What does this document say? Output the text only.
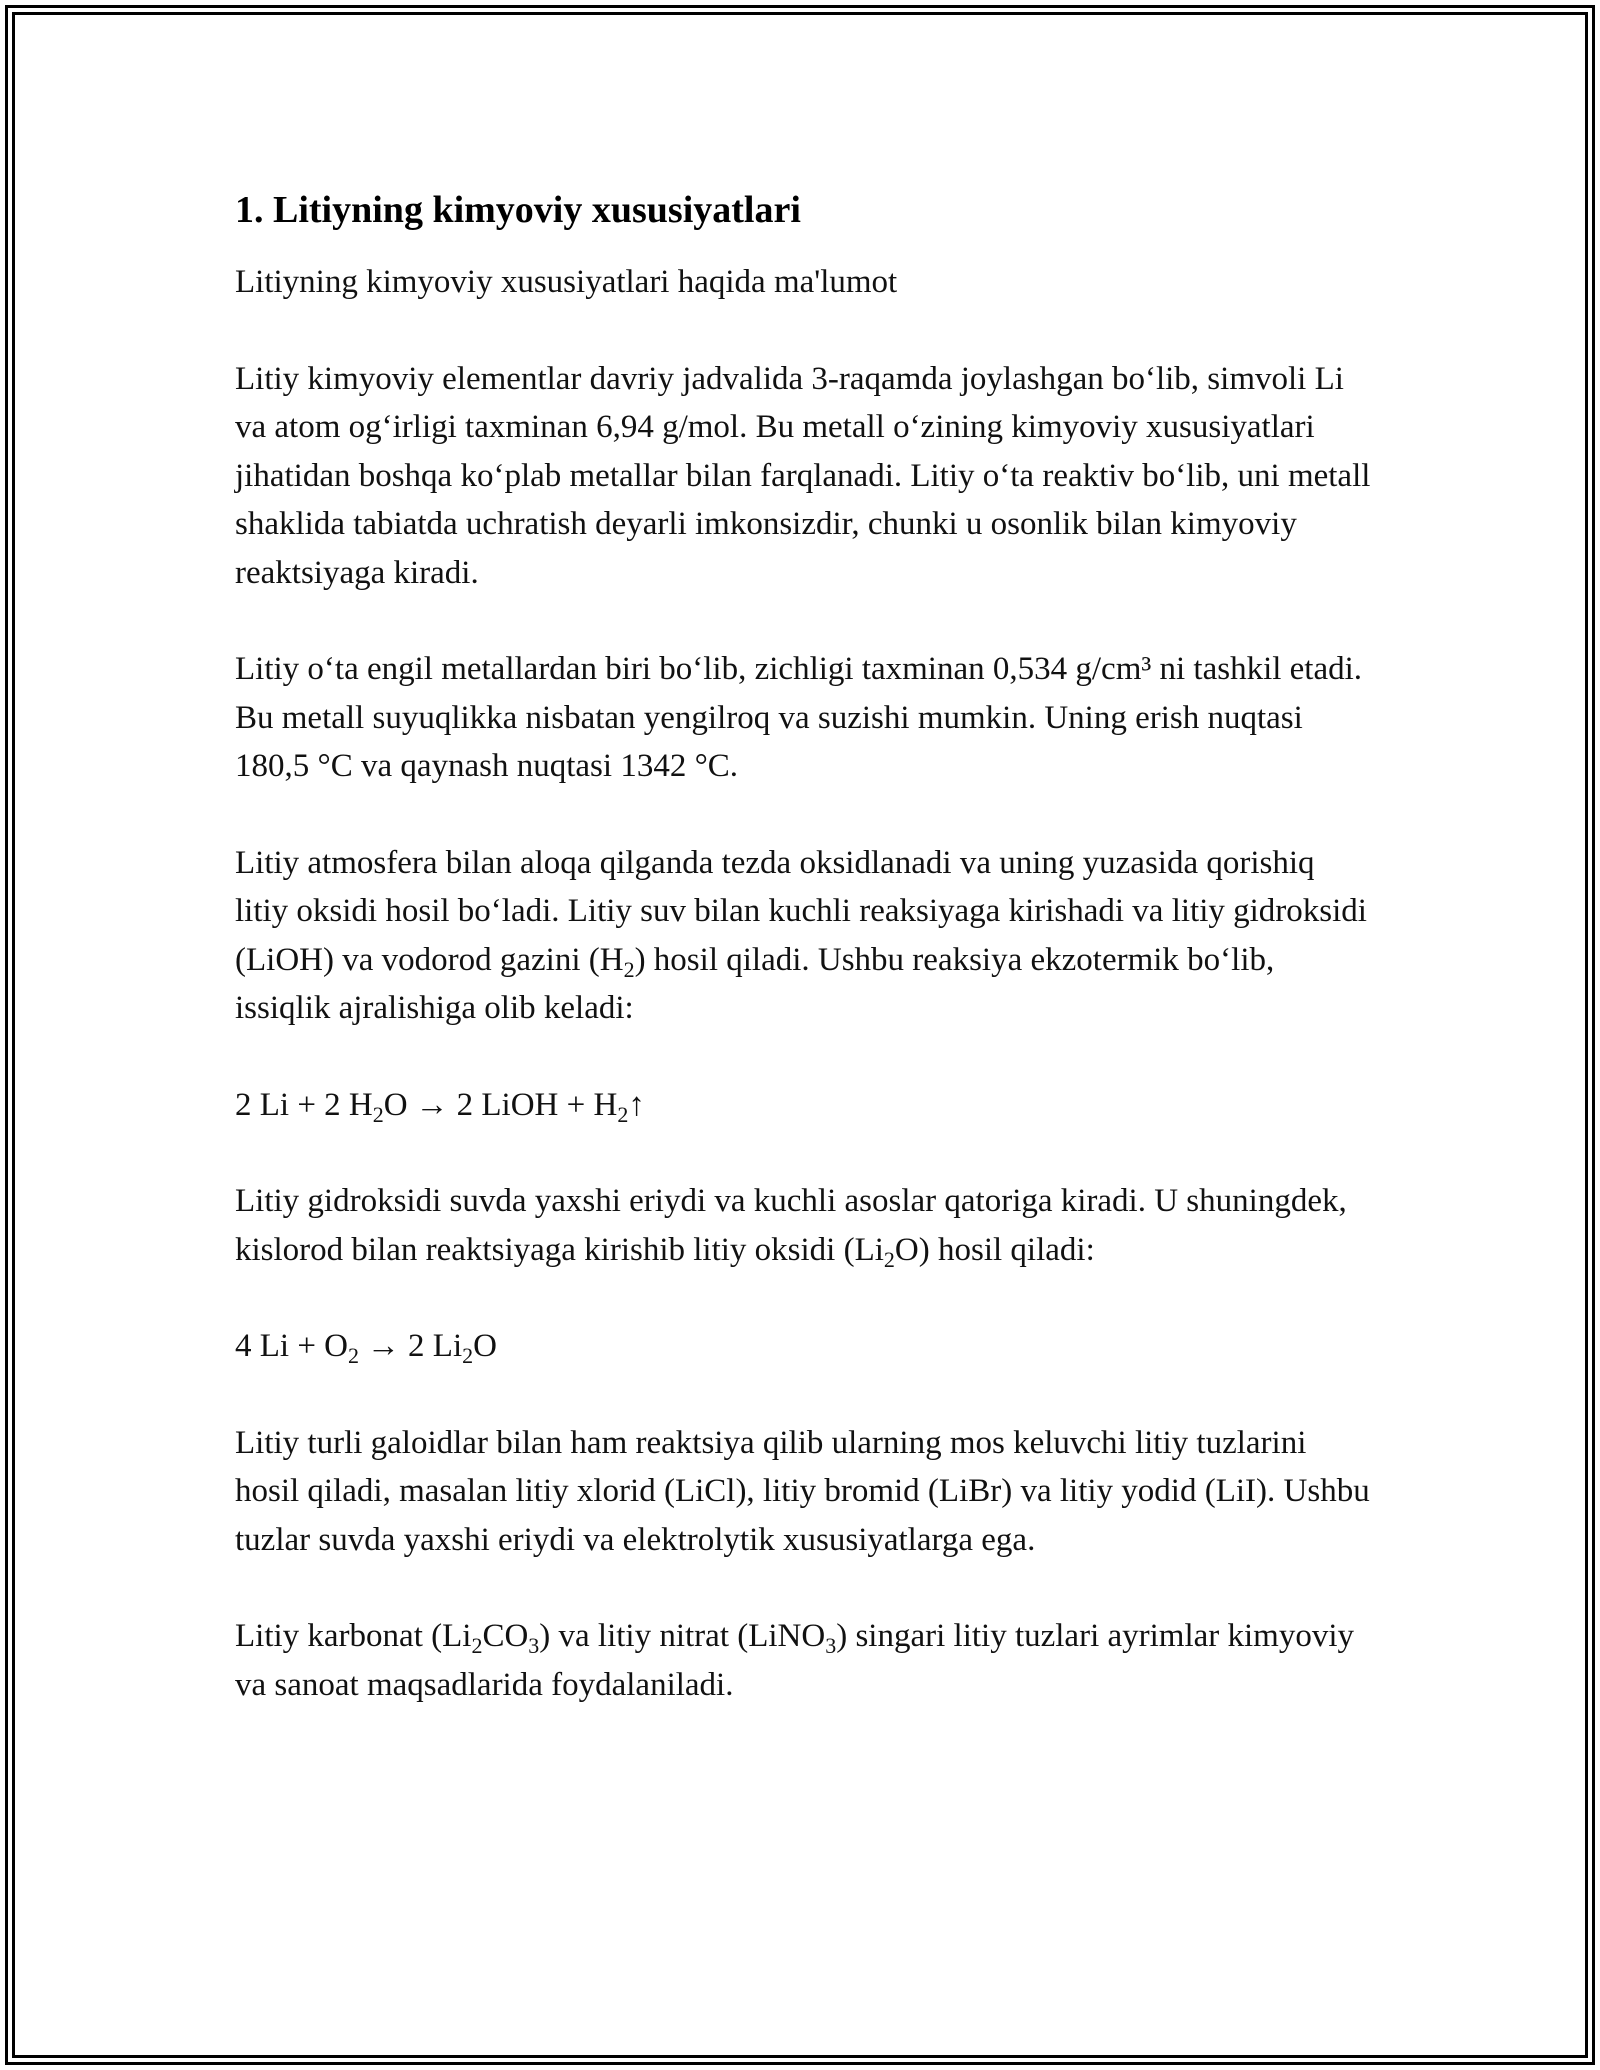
1. Litiyning kimyoviy xususiyatlari

Litiyning kimyoviy xususiyatlari haqida ma'lumot

Litiy kimyoviy elementlar davriy jadvalida 3-raqamda joylashgan boʻlib, simvoli Li va atom ogʻirligi taxminan 6,94 g/mol. Bu metall oʻzining kimyoviy xususiyatlari jihatidan boshqa koʻplab metallar bilan farqlanadi. Litiy oʻta reaktiv boʻlib, uni metall shaklida tabiatda uchratish deyarli imkonsizdir, chunki u osonlik bilan kimyoviy reaktsiyaga kiradi.

Litiy oʻta engil metallardan biri boʻlib, zichligi taxminan 0,534 g/cm³ ni tashkil etadi. Bu metall suyuqlikka nisbatan yengilroq va suzishi mumkin. Uning erish nuqtasi 180,5 °C va qaynash nuqtasi 1342 °C.

Litiy atmosfera bilan aloqa qilganda tezda oksidlanadi va uning yuzasida qorishiq litiy oksidi hosil boʻladi. Litiy suv bilan kuchli reaksiyaga kirishadi va litiy gidroksidi (LiOH) va vodorod gazini $(H_2)$ hosil qiladi. Ushbu reaksiya ekzotermik boʻlib, issiqlik ajralishiga olib keladi:

2 Li + 2 $H_2O \to 2$ LiOH + $H_2↑$

Litiy gidroksidi suvda yaxshi eriydi va kuchli asoslar qatoriga kiradi. U shuningdek, kislorod bilan reaktsiyaga kirishib litiy oksidi $(Li_2O)$ hosil qiladi:

4 $Li + O_2 \to 2$ $Li_2O$

Litiy turli galoidlar bilan ham reaktsiya qilib ularning mos keluvchi litiy tuzlarini hosil qiladi, masalan litiy xlorid (LiCl), litiy bromid (LiBr) va litiy yodid (LiI). Ushbu tuzlar suvda yaxshi eriydi va elektrolytik xususiyatlarga ega.

Litiy karbonat $(Li_2CO_3)$ va litiy nitrat (LiNO$_3$) singari litiy tuzlari ayrimlar kimyoviy va sanoat maqsadlarida foydalaniladi.
